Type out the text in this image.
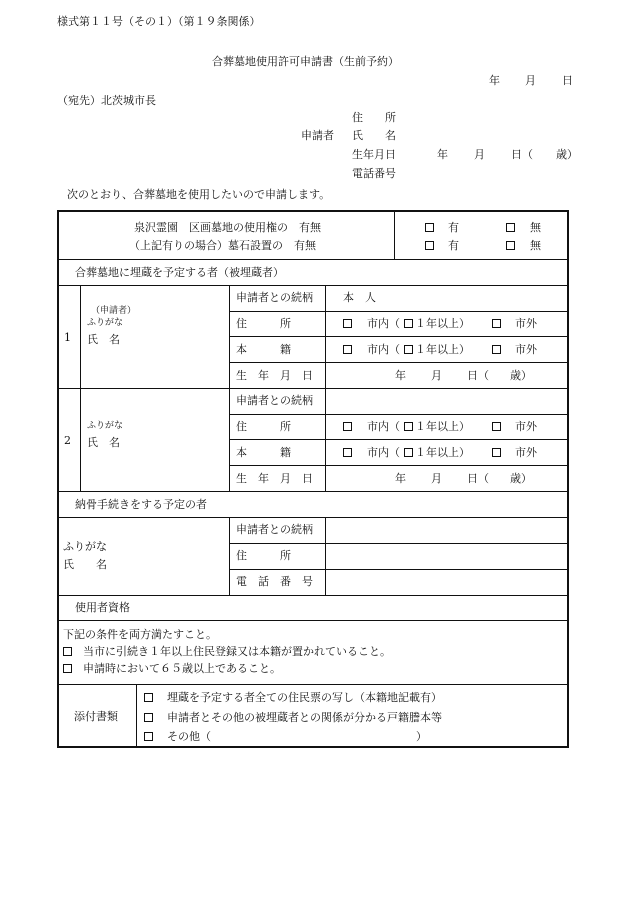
様式第１１号（その１）（第１９条関係）
合葬墓地使用許可申請書（生前予約）
年 月 日
（宛先）北茨城市長
住　　所
申請者 氏　　名
生年月日	年 月 日（ 歳）
電話番号
次のとおり、合葬墓地を使用したいので申請します。
泉沢霊園　区画墓地の使用権の　有無
（上記有りの場合）墓石設置の　有無
有	無
有	無
合葬墓地に埋蔵を予定する者（被埋蔵者）
1
（申請者）
ふりがな
氏　名
申請者との続柄	本　人
住　　　所	市内（ １年以上）	市外
本　　　籍	市内（ １年以上）	市外
生　年　月　日	年 月 日（ 歳）
2
ふりがな
氏　名
申請者との続柄
住　　　所	市内（ １年以上）	市外
本　　　籍	市内（ １年以上）	市外
生　年　月　日	年 月 日（ 歳）
納骨手続きをする予定の者
ふりがな
氏　　名
申請者との続柄
住　　　所
電　話　番　号
使用者資格
下記の条件を両方満たすこと。
当市に引続き１年以上住民登録又は本籍が置かれていること。
申請時において６５歳以上であること。
添付書類
埋蔵を予定する者全ての住民票の写し（本籍地記載有）
申請者とその他の被埋蔵者との関係が分かる戸籍謄本等
その他（	）
